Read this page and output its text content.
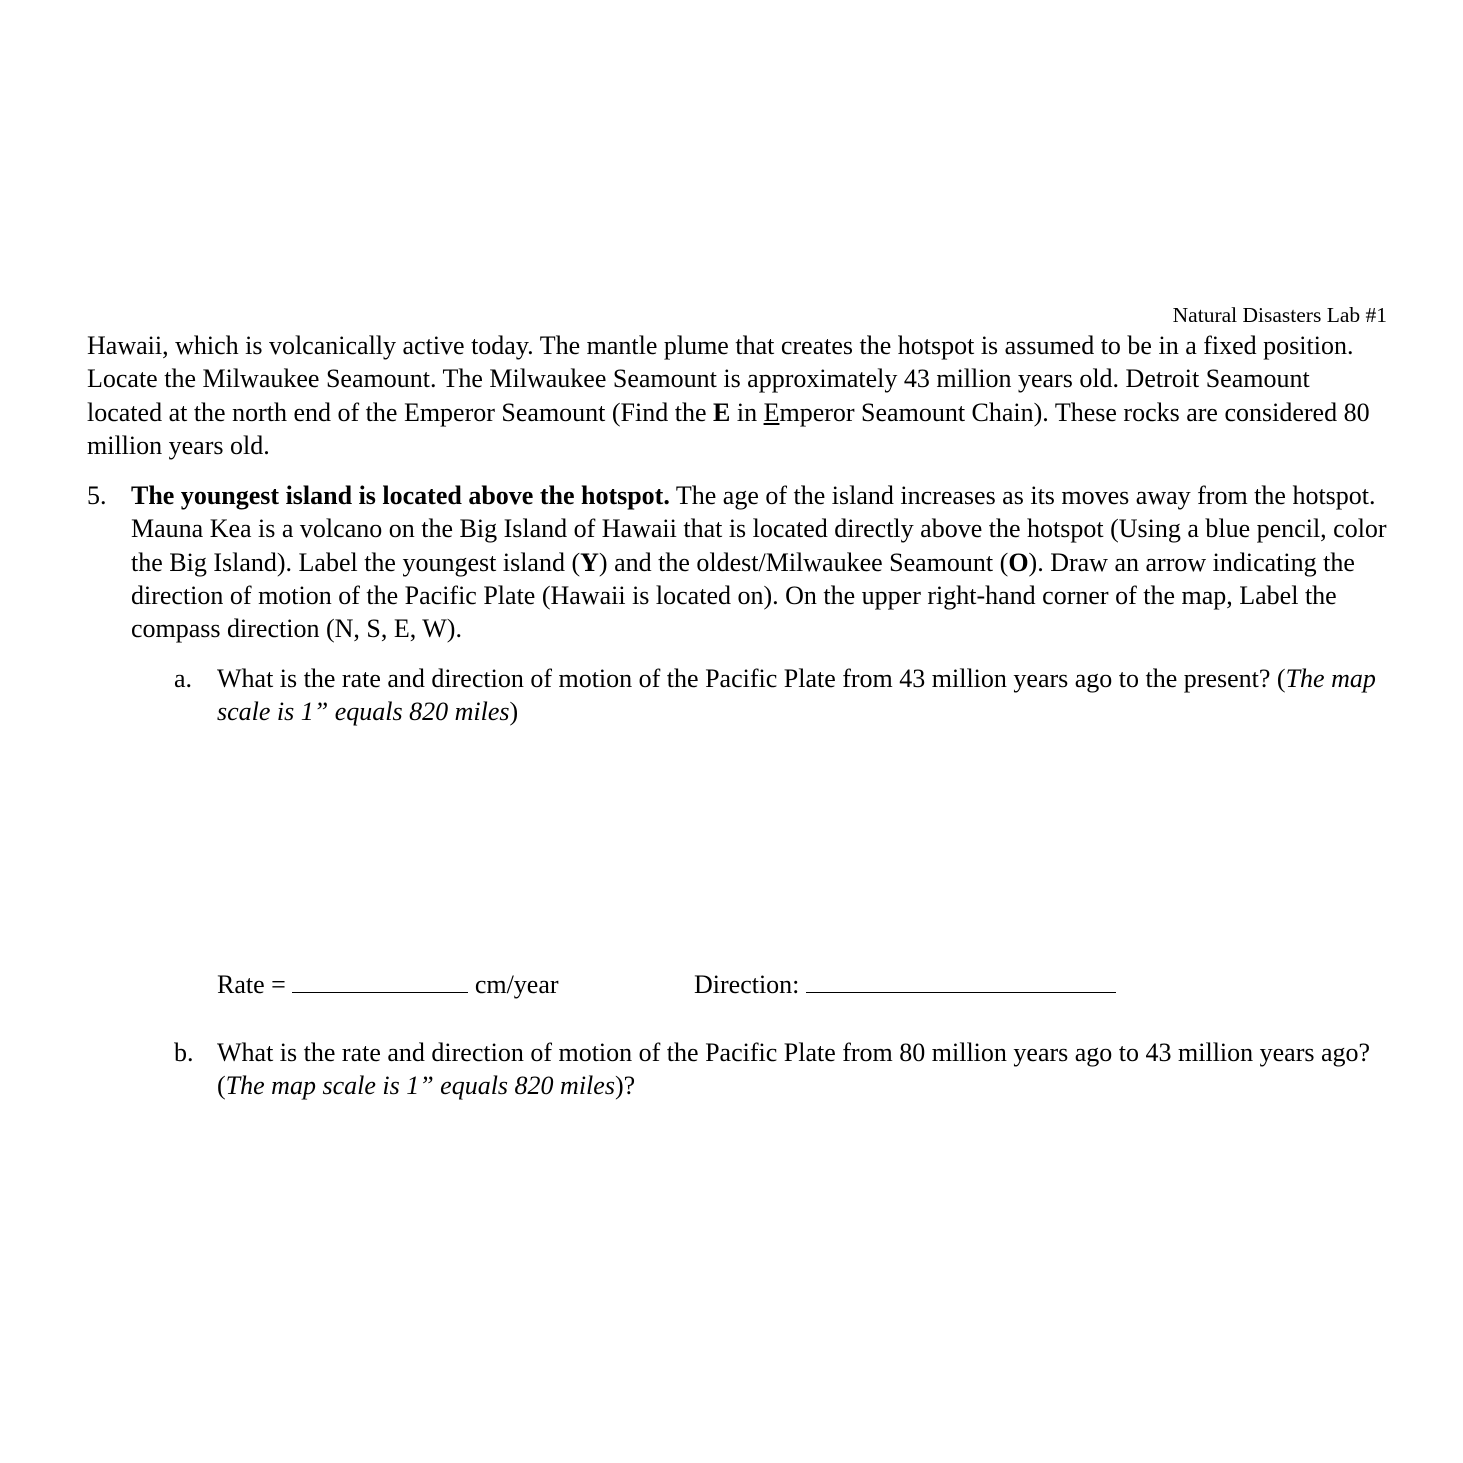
Natural Disasters Lab #1

Hawaii, which is volcanically active today. The mantle plume that creates the hotspot is assumed to be in a fixed position. Locate the Milwaukee Seamount. The Milwaukee Seamount is approximately 43 million years old. Detroit Seamount located at the north end of the Emperor Seamount (Find the E in Emperor Seamount Chain). These rocks are considered 80 million years old.

5. The youngest island is located above the hotspot. The age of the island increases as its moves away from the hotspot. Mauna Kea is a volcano on the Big Island of Hawaii that is located directly above the hotspot (Using a blue pencil, color the Big Island). Label the youngest island (Y) and the oldest/Milwaukee Seamount (O). Draw an arrow indicating the direction of motion of the Pacific Plate (Hawaii is located on). On the upper right-hand corner of the map, Label the compass direction (N, S, E, W).
a. What is the rate and direction of motion of the Pacific Plate from 43 million years ago to the present? (The map scale is 1” equals 820 miles)
Rate =	cm/year	Direction:
b. What is the rate and direction of motion of the Pacific Plate from 80 million years ago to 43 million years ago? (The map scale is 1” equals 820 miles)?
